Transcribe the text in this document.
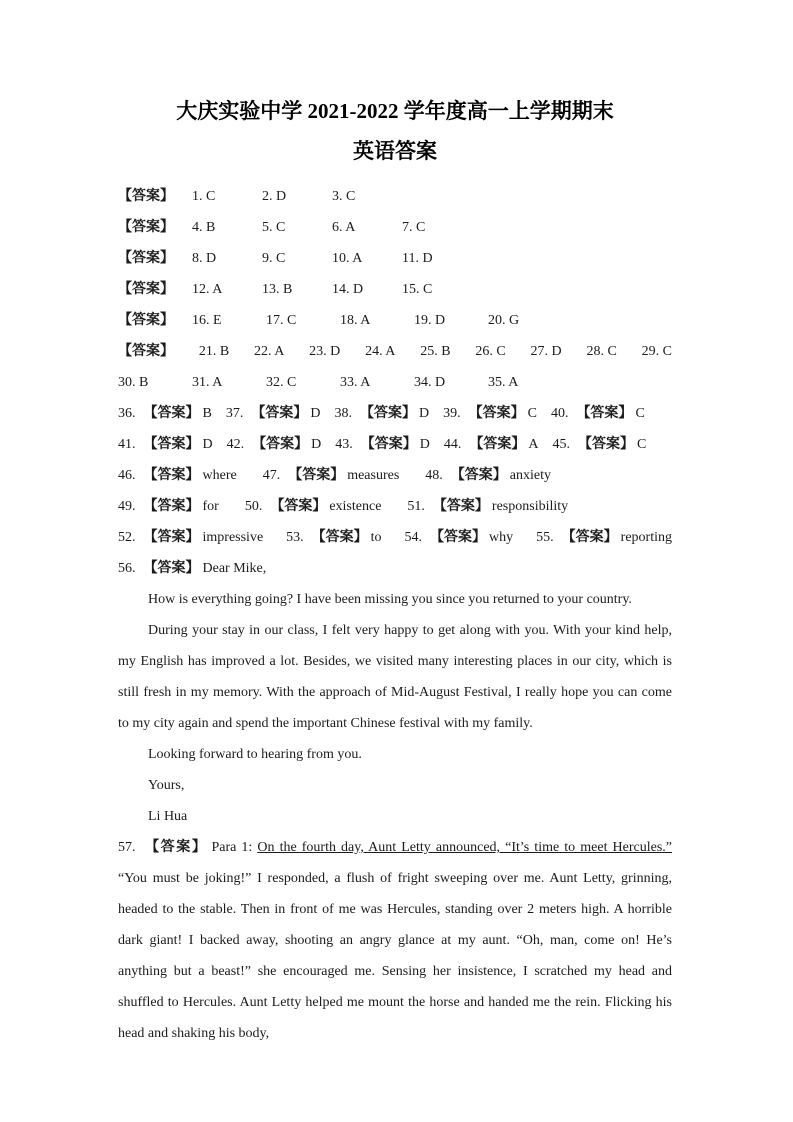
大庆实验中学 2021-2022 学年度高一上学期期末
英语答案
【答案】 1. C	2. D	3. C
【答案】 4. B	5. C	6. A	7. C
【答案】 8. D	9. C	10. A	11. D
【答案】 12. A	13. B	14. D	15. C
【答案】 16. E	17. C	18. A	19. D	20. G
【答案】 21. B 22. A 23. D 24. A 25. B 26. C 27. D 28. C 29. C
30. B	31. A	32. C	33. A	34. D	35. A
36. 【答案】 B 37. 【答案】 D 38. 【答案】 D 39. 【答案】 C 40. 【答案】 C
41. 【答案】 D 42. 【答案】 D 43. 【答案】 D 44. 【答案】 A 45. 【答案】 C
46. 【答案】 where 47. 【答案】 measures 48. 【答案】 anxiety
49. 【答案】 for 50. 【答案】 existence 51. 【答案】 responsibility
52. 【答案】 impressive 53. 【答案】 to 54. 【答案】 why 55. 【答案】 reporting
56. 【答案】 Dear Mike,

How is everything going? I have been missing you since you returned to your country.

During your stay in our class, I felt very happy to get along with you. With your kind help, my English has improved a lot. Besides, we visited many interesting places in our city, which is still fresh in my memory. With the approach of Mid-August Festival, I really hope you can come to my city again and spend the important Chinese festival with my family.

Looking forward to hearing from you.

Yours,

Li Hua

57. 【答案】 Para 1: On the fourth day, Aunt Letty announced, “It’s time to meet Hercules.” “You must be joking!” I responded, a flush of fright sweeping over me. Aunt Letty, grinning, headed to the stable. Then in front of me was Hercules, standing over 2 meters high. A horrible dark giant! I backed away, shooting an angry glance at my aunt. “Oh, man, come on! He’s anything but a beast!” she encouraged me. Sensing her insistence, I scratched my head and shuffled to Hercules. Aunt Letty helped me mount the horse and handed me the rein. Flicking his head and shaking his body,
